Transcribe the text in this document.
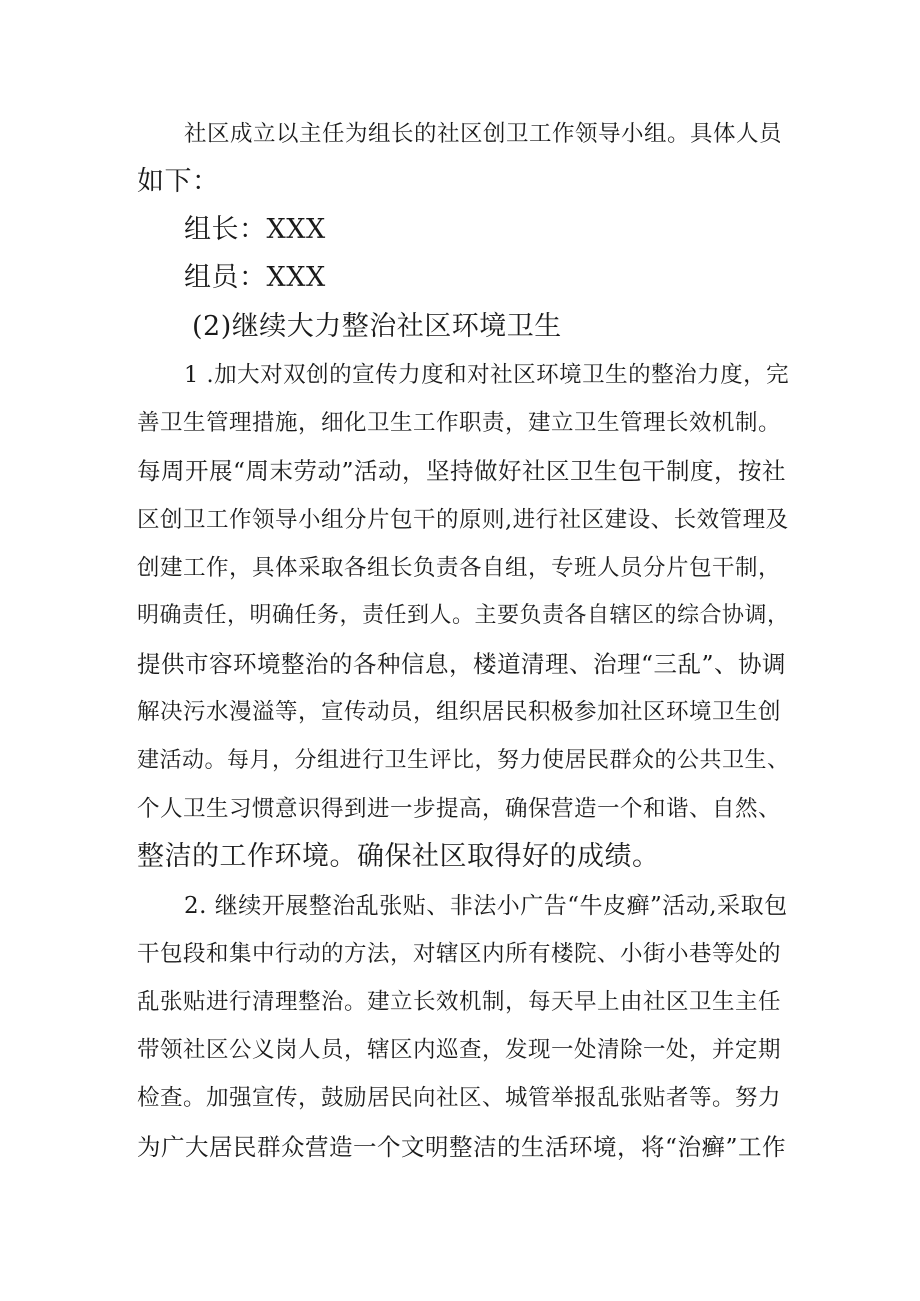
社区成立以主任为组长的社区创卫工作领导小组。具体人员
如下：
组长：XXX
组员：XXX
(2)继续大力整治社区环境卫生
1 .加大对双创的宣传力度和对社区环境卫生的整治力度，完
善卫生管理措施，细化卫生工作职责，建立卫生管理长效机制。
每周开展“周末劳动”活动，坚持做好社区卫生包干制度，按社
区创卫工作领导小组分片包干的原则,进行社区建设、长效管理及
创建工作，具体采取各组长负责各自组，专班人员分片包干制，
明确责任，明确任务，责任到人。主要负责各自辖区的综合协调，
提供市容环境整治的各种信息，楼道清理、治理“三乱”、协调
解决污水漫溢等，宣传动员，组织居民积极参加社区环境卫生创
建活动。每月，分组进行卫生评比，努力使居民群众的公共卫生、
个人卫生习惯意识得到进一步提高，确保营造一个和谐、自然、
整洁的工作环境。确保社区取得好的成绩。
2. 继续开展整治乱张贴、非法小广告“牛皮癣”活动,采取包
干包段和集中行动的方法，对辖区内所有楼院、小街小巷等处的
乱张贴进行清理整治。建立长效机制，每天早上由社区卫生主任
带领社区公义岗人员，辖区内巡查，发现一处清除一处，并定期
检查。加强宣传，鼓励居民向社区、城管举报乱张贴者等。努力
为广大居民群众营造一个文明整洁的生活环境，将“治癣”工作
